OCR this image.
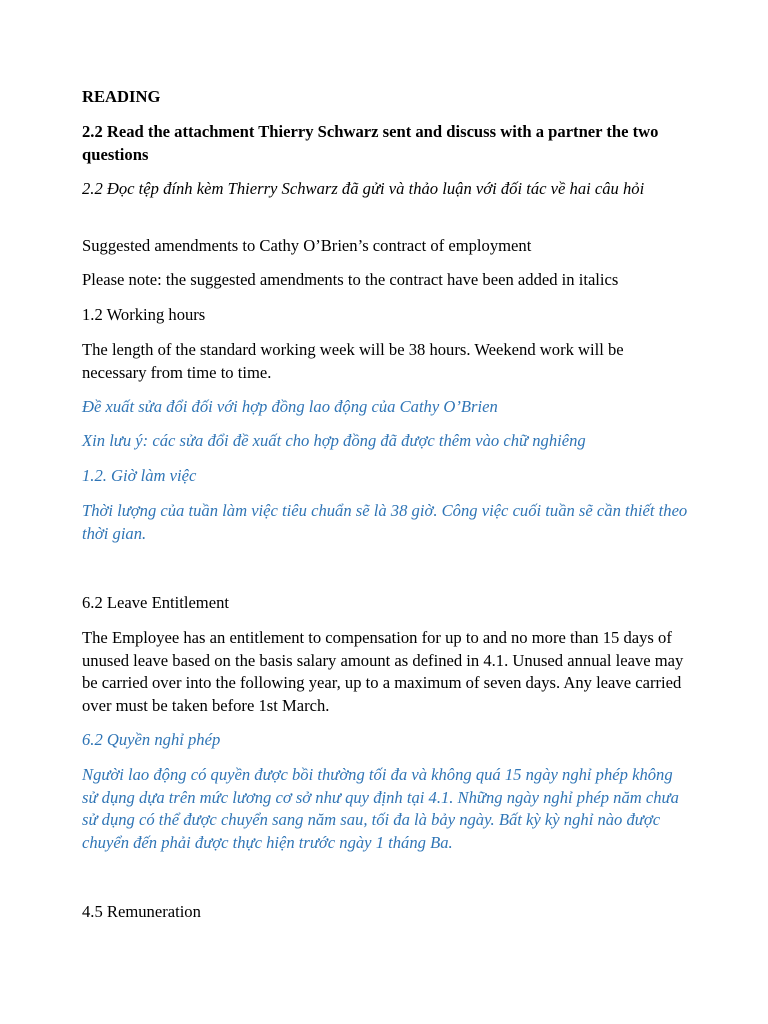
READING

2.2 Read the attachment Thierry Schwarz sent and discuss with a partner the two questions

2.2 Đọc tệp đính kèm Thierry Schwarz đã gửi và thảo luận với đối tác về hai câu hỏi

Suggested amendments to Cathy O’Brien’s contract of employment

Please note: the suggested amendments to the contract have been added in italics

1.2 Working hours

The length of the standard working week will be 38 hours. Weekend work will be necessary from time to time.

Đề xuất sửa đổi đối với hợp đồng lao động của Cathy O’Brien

Xin lưu ý: các sửa đổi đề xuất cho hợp đồng đã được thêm vào chữ nghiêng

1.2. Giờ làm việc

Thời lượng của tuần làm việc tiêu chuẩn sẽ là 38 giờ. Công việc cuối tuần sẽ cần thiết theo thời gian.

6.2 Leave Entitlement

The Employee has an entitlement to compensation for up to and no more than 15 days of unused leave based on the basis salary amount as defined in 4.1. Unused annual leave may be carried over into the following year, up to a maximum of seven days. Any leave carried over must be taken before 1st March.

6.2 Quyền nghỉ phép

Người lao động có quyền được bồi thường tối đa và không quá 15 ngày nghỉ phép không sử dụng dựa trên mức lương cơ sở như quy định tại 4.1. Những ngày nghỉ phép năm chưa sử dụng có thể được chuyển sang năm sau, tối đa là bảy ngày. Bất kỳ kỳ nghỉ nào được chuyển đến phải được thực hiện trước ngày 1 tháng Ba.

4.5 Remuneration
